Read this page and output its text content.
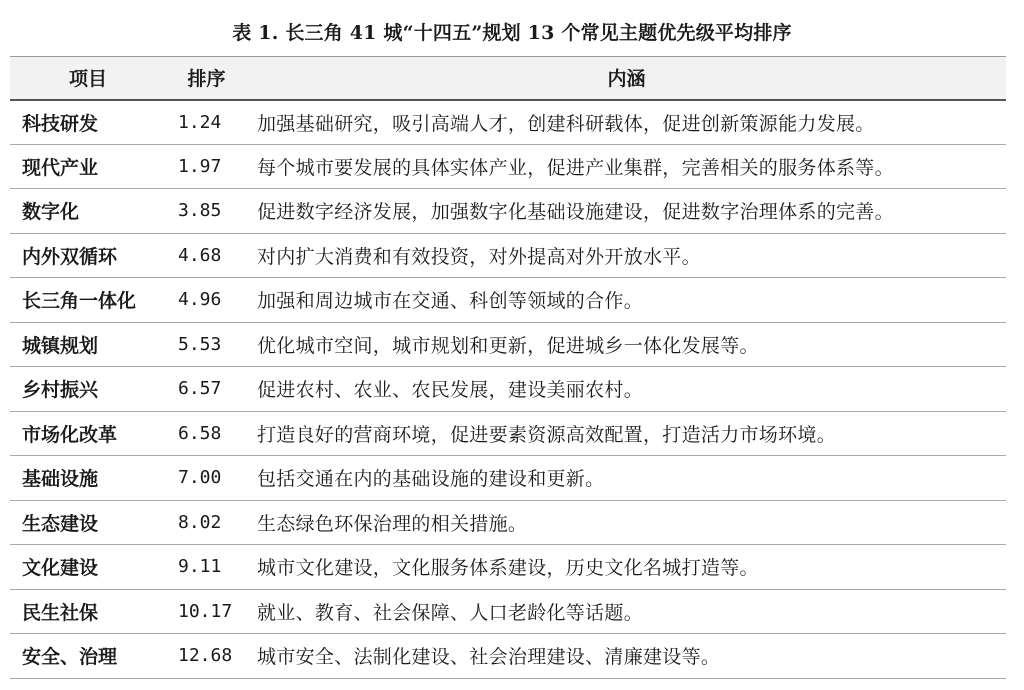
表 1. 长三角 41 城“十四五”规划 13 个常见主题优先级平均排序
项目	排序	内涵
科技研发	1.24	加强基础研究，吸引高端人才，创建科研载体，促进创新策源能力发展。
现代产业	1.97	每个城市要发展的具体实体产业，促进产业集群，完善相关的服务体系等。
数字化	3.85	促进数字经济发展，加强数字化基础设施建设，促进数字治理体系的完善。
内外双循环	4.68	对内扩大消费和有效投资，对外提高对外开放水平。
长三角一体化	4.96	加强和周边城市在交通、科创等领域的合作。
城镇规划	5.53	优化城市空间，城市规划和更新，促进城乡一体化发展等。
乡村振兴	6.57	促进农村、农业、农民发展，建设美丽农村。
市场化改革	6.58	打造良好的营商环境，促进要素资源高效配置，打造活力市场环境。
基础设施	7.00	包括交通在内的基础设施的建设和更新。
生态建设	8.02	生态绿色环保治理的相关措施。
文化建设	9.11	城市文化建设，文化服务体系建设，历史文化名城打造等。
民生社保	10.17	就业、教育、社会保障、人口老龄化等话题。
安全、治理	12.68	城市安全、法制化建设、社会治理建设、清廉建设等。
